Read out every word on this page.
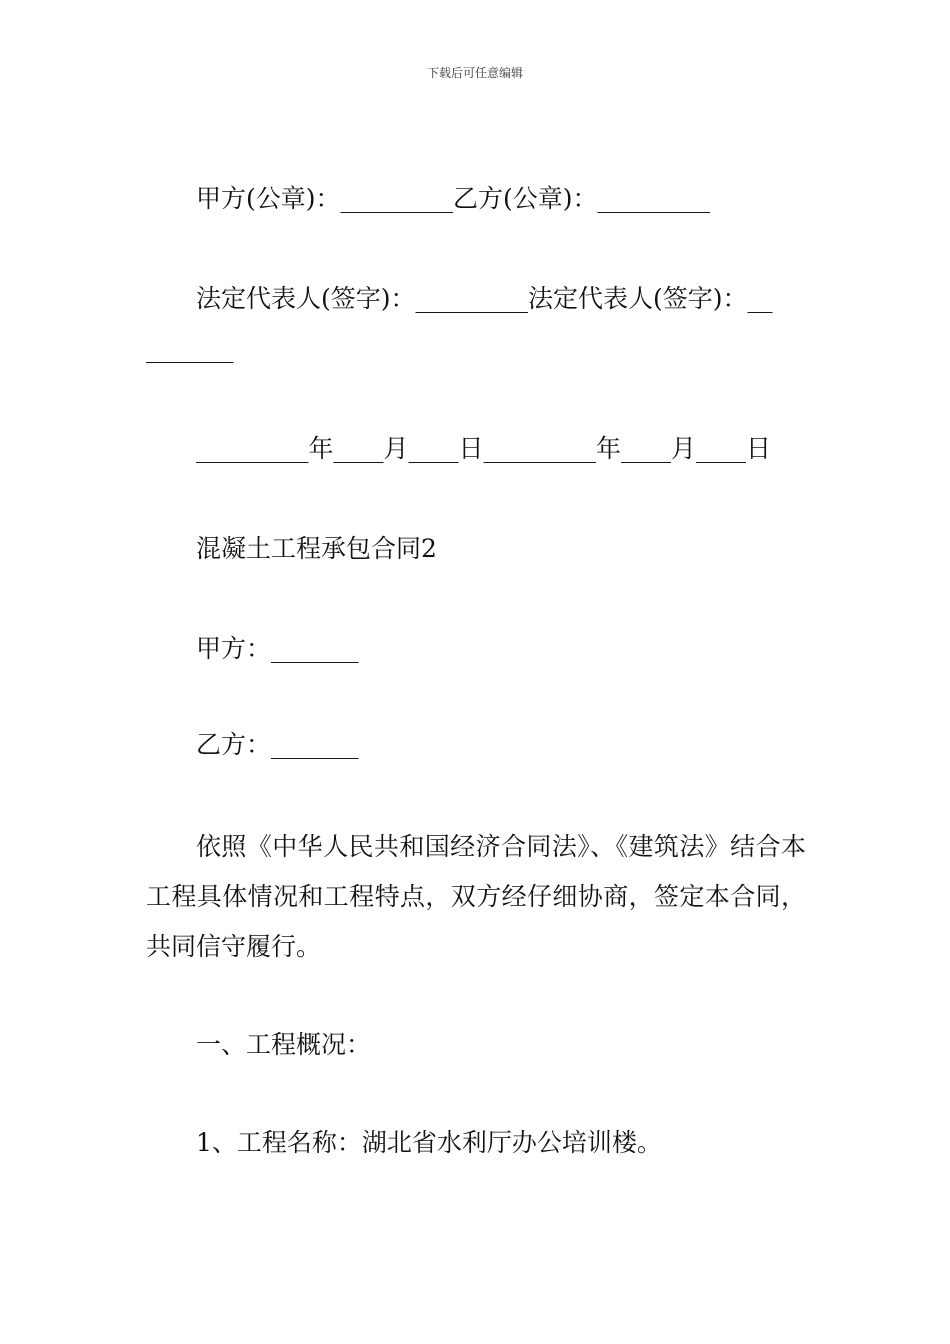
下载后可任意编辑
甲方(公章)：_________乙方(公章)：_________
法定代表人(签字)：_________法定代表人(签字)：__
_______
_________年____月____日_________年____月____日
混凝土工程承包合同2
甲方：_______
乙方：_______
依照《中华人民共和国经济合同法》、《建筑法》结合本工程具体情况和工程特点，双方经仔细协商，签定本合同，共同信守履行。
一、工程概况：
1、工程名称：湖北省水利厅办公培训楼。
